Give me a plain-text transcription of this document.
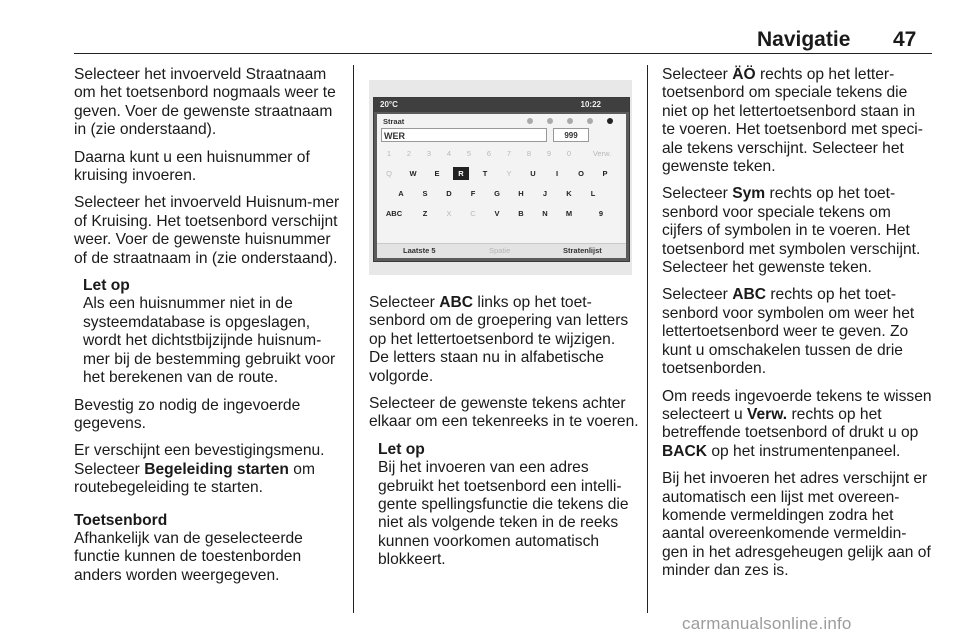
Navigatie 47

Selecteer het invoerveld Straatnaam om het toetsenbord nogmaals weer te geven. Voer de gewenste straatnaam in (zie onderstaand).

Daarna kunt u een huisnummer of kruising invoeren.

Selecteer het invoerveld Huisnum-mer of Kruising. Het toetsenbord verschijnt weer. Voer de gewenste huisnummer of de straatnaam in (zie onderstaand).

Let op
Als een huisnummer niet in de systeemdatabase is opgeslagen, wordt het dichtstbijzijnde huisnum-mer bij de bestemming gebruikt voor het berekenen van de route.

Bevestig zo nodig de ingevoerde gegevens.

Er verschijnt een bevestigingsmenu. Selecteer Begeleiding starten om routebegeleiding te starten.

Toetsenbord
Afhankelijk van de geselecteerde functie kunnen de toestenborden anders worden weergegeven.

20°C	10:22
Straat
WER	999
1	2	3	4	5	6	7	8	9	0	Verw.
Q	W	E	R	T	Y	U	I	O	P
A	S	D	F	G	H	J	K	L
ABC	Z	X	C	V	B	N	M	9
Laatste 5	Spatie	Stratenlijst

Selecteer ABC links op het toet-senbord om de groepering van letters op het lettertoetsenbord te wijzigen. De letters staan nu in alfabetische volgorde.

Selecteer de gewenste tekens achter elkaar om een tekenreeks in te voeren.

Let op
Bij het invoeren van een adres gebruikt het toetsenbord een intelli-gente spellingsfunctie die tekens die niet als volgende teken in de reeks kunnen voorkomen automatisch blokkeert.

Selecteer ÄÖ rechts op het letter-toetsenbord om speciale tekens die niet op het lettertoetsenbord staan in te voeren. Het toetsenbord met speci-ale tekens verschijnt. Selecteer het gewenste teken.

Selecteer Sym rechts op het toet-senbord voor speciale tekens om cijfers of symbolen in te voeren. Het toetsenbord met symbolen verschijnt. Selecteer het gewenste teken.

Selecteer ABC rechts op het toet-senbord voor symbolen om weer het lettertoetsenbord weer te geven. Zo kunt u omschakelen tussen de drie toetsenborden.

Om reeds ingevoerde tekens te wissen selecteert u Verw. rechts op het betreffende toetsenbord of drukt u op BACK op het instrumentenpaneel.

Bij het invoeren het adres verschijnt er automatisch een lijst met overeen-komende vermeldingen zodra het aantal overeenkomende vermeldin-gen in het adresgeheugen gelijk aan of minder dan zes is.

carmanualsonline.info
